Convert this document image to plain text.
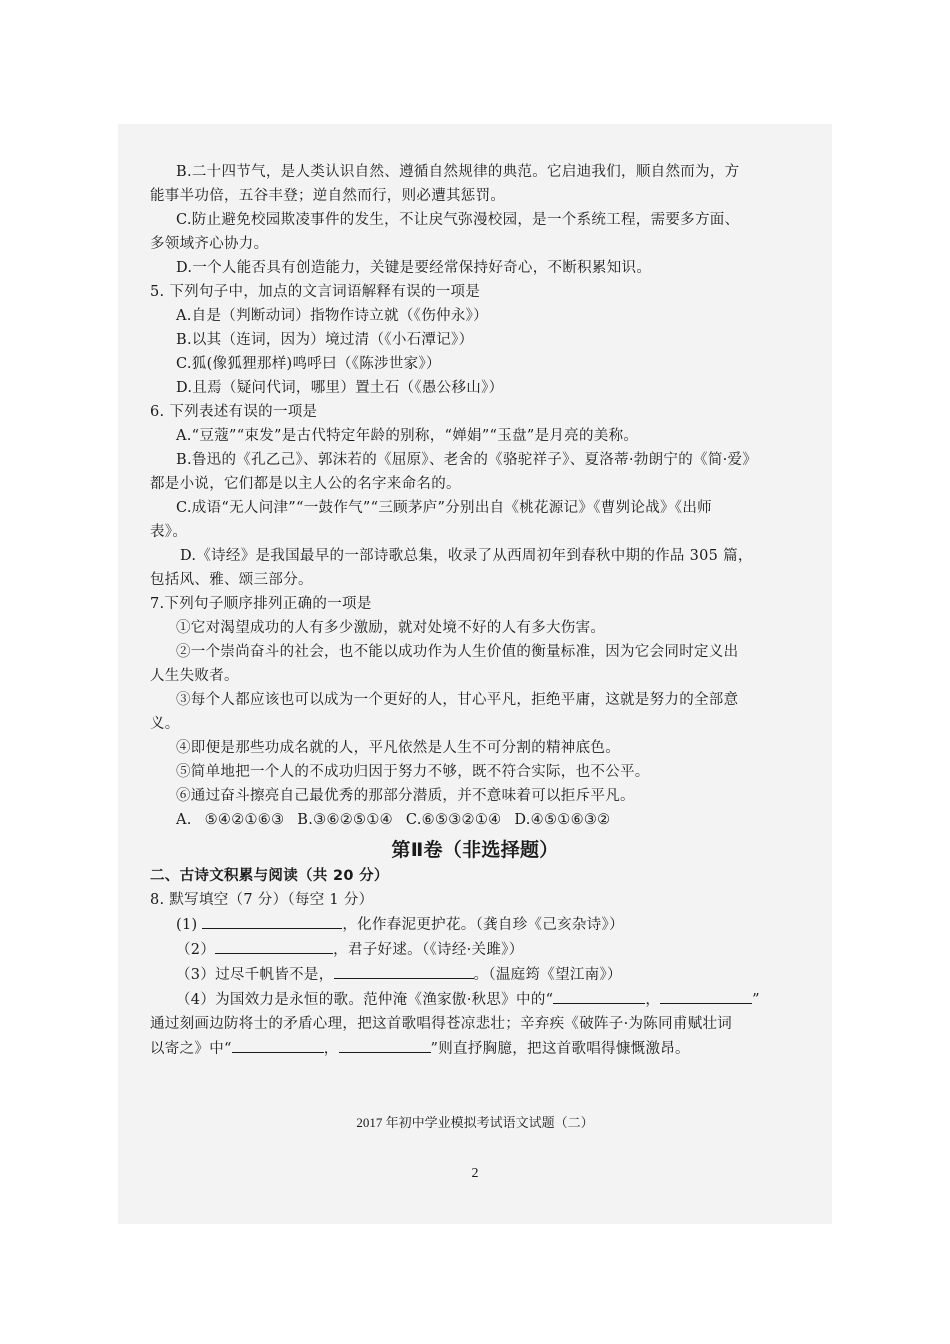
B.二十四节气，是人类认识自然、遵循自然规律的典范。它启迪我们，顺自然而为，方

能事半功倍，五谷丰登；逆自然而行，则必遭其惩罚。

C.防止避免校园欺凌事件的发生，不让戾气弥漫校园，是一个系统工程，需要多方面、

多领域齐心协力。

D.一个人能否具有创造能力，关键是要经常保持好奇心，不断积累知识。

5. 下列句子中，加点的文言词语解释有误的一项是

A.自是（判断动词）指物作诗立就（《伤仲永》）

B.以其（连词，因为）境过清（《小石潭记》）

C.狐(像狐狸那样)鸣呼曰（《陈涉世家》）

D.且焉（疑问代词，哪里）置土石（《愚公移山》）

6. 下列表述有误的一项是

A.“豆蔻”“束发”是古代特定年龄的别称，“婵娟”“玉盘”是月亮的美称。

B.鲁迅的《孔乙己》、郭沫若的《屈原》、老舍的《骆驼祥子》、夏洛蒂·勃朗宁的《简·爱》

都是小说，它们都是以主人公的名字来命名的。

C.成语“无人问津”“一鼓作气”“三顾茅庐”分别出自《桃花源记》《曹刿论战》《出师

表》。

D.《诗经》是我国最早的一部诗歌总集，收录了从西周初年到春秋中期的作品 305 篇，

包括风、雅、颂三部分。

7.下列句子顺序排列正确的一项是

①它对渴望成功的人有多少激励，就对处境不好的人有多大伤害。

②一个崇尚奋斗的社会，也不能以成功作为人生价值的衡量标准，因为它会同时定义出

人生失败者。

③每个人都应该也可以成为一个更好的人，甘心平凡，拒绝平庸，这就是努力的全部意

义。

④即便是那些功成名就的人，平凡依然是人生不可分割的精神底色。

⑤简单地把一个人的不成功归因于努力不够，既不符合实际，也不公平。

⑥通过奋斗擦亮自己最优秀的那部分潜质，并不意味着可以拒斥平凡。

A. ⑤④②①⑥③ B.③⑥②⑤①④ C.⑥⑤③②①④ D.④⑤①⑥③②

第Ⅱ卷（非选择题）

二、古诗文积累与阅读（共 20 分）

8. 默写填空（7 分）（每空 1 分）

(1)	，化作春泥更护花。（龚自珍《己亥杂诗》）

（2）	，君子好逑。（《诗经·关雎》）

（3）过尽千帆皆不是，	。（温庭筠《望江南》）

（4）为国效力是永恒的歌。范仲淹《渔家傲·秋思》中的“	，	”

通过刻画边防将士的矛盾心理，把这首歌唱得苍凉悲壮；辛弃疾《破阵子·为陈同甫赋壮词

以寄之》中“	，	”则直抒胸臆，把这首歌唱得慷慨激昂。

2017 年初中学业模拟考试语文试题（二）
2
